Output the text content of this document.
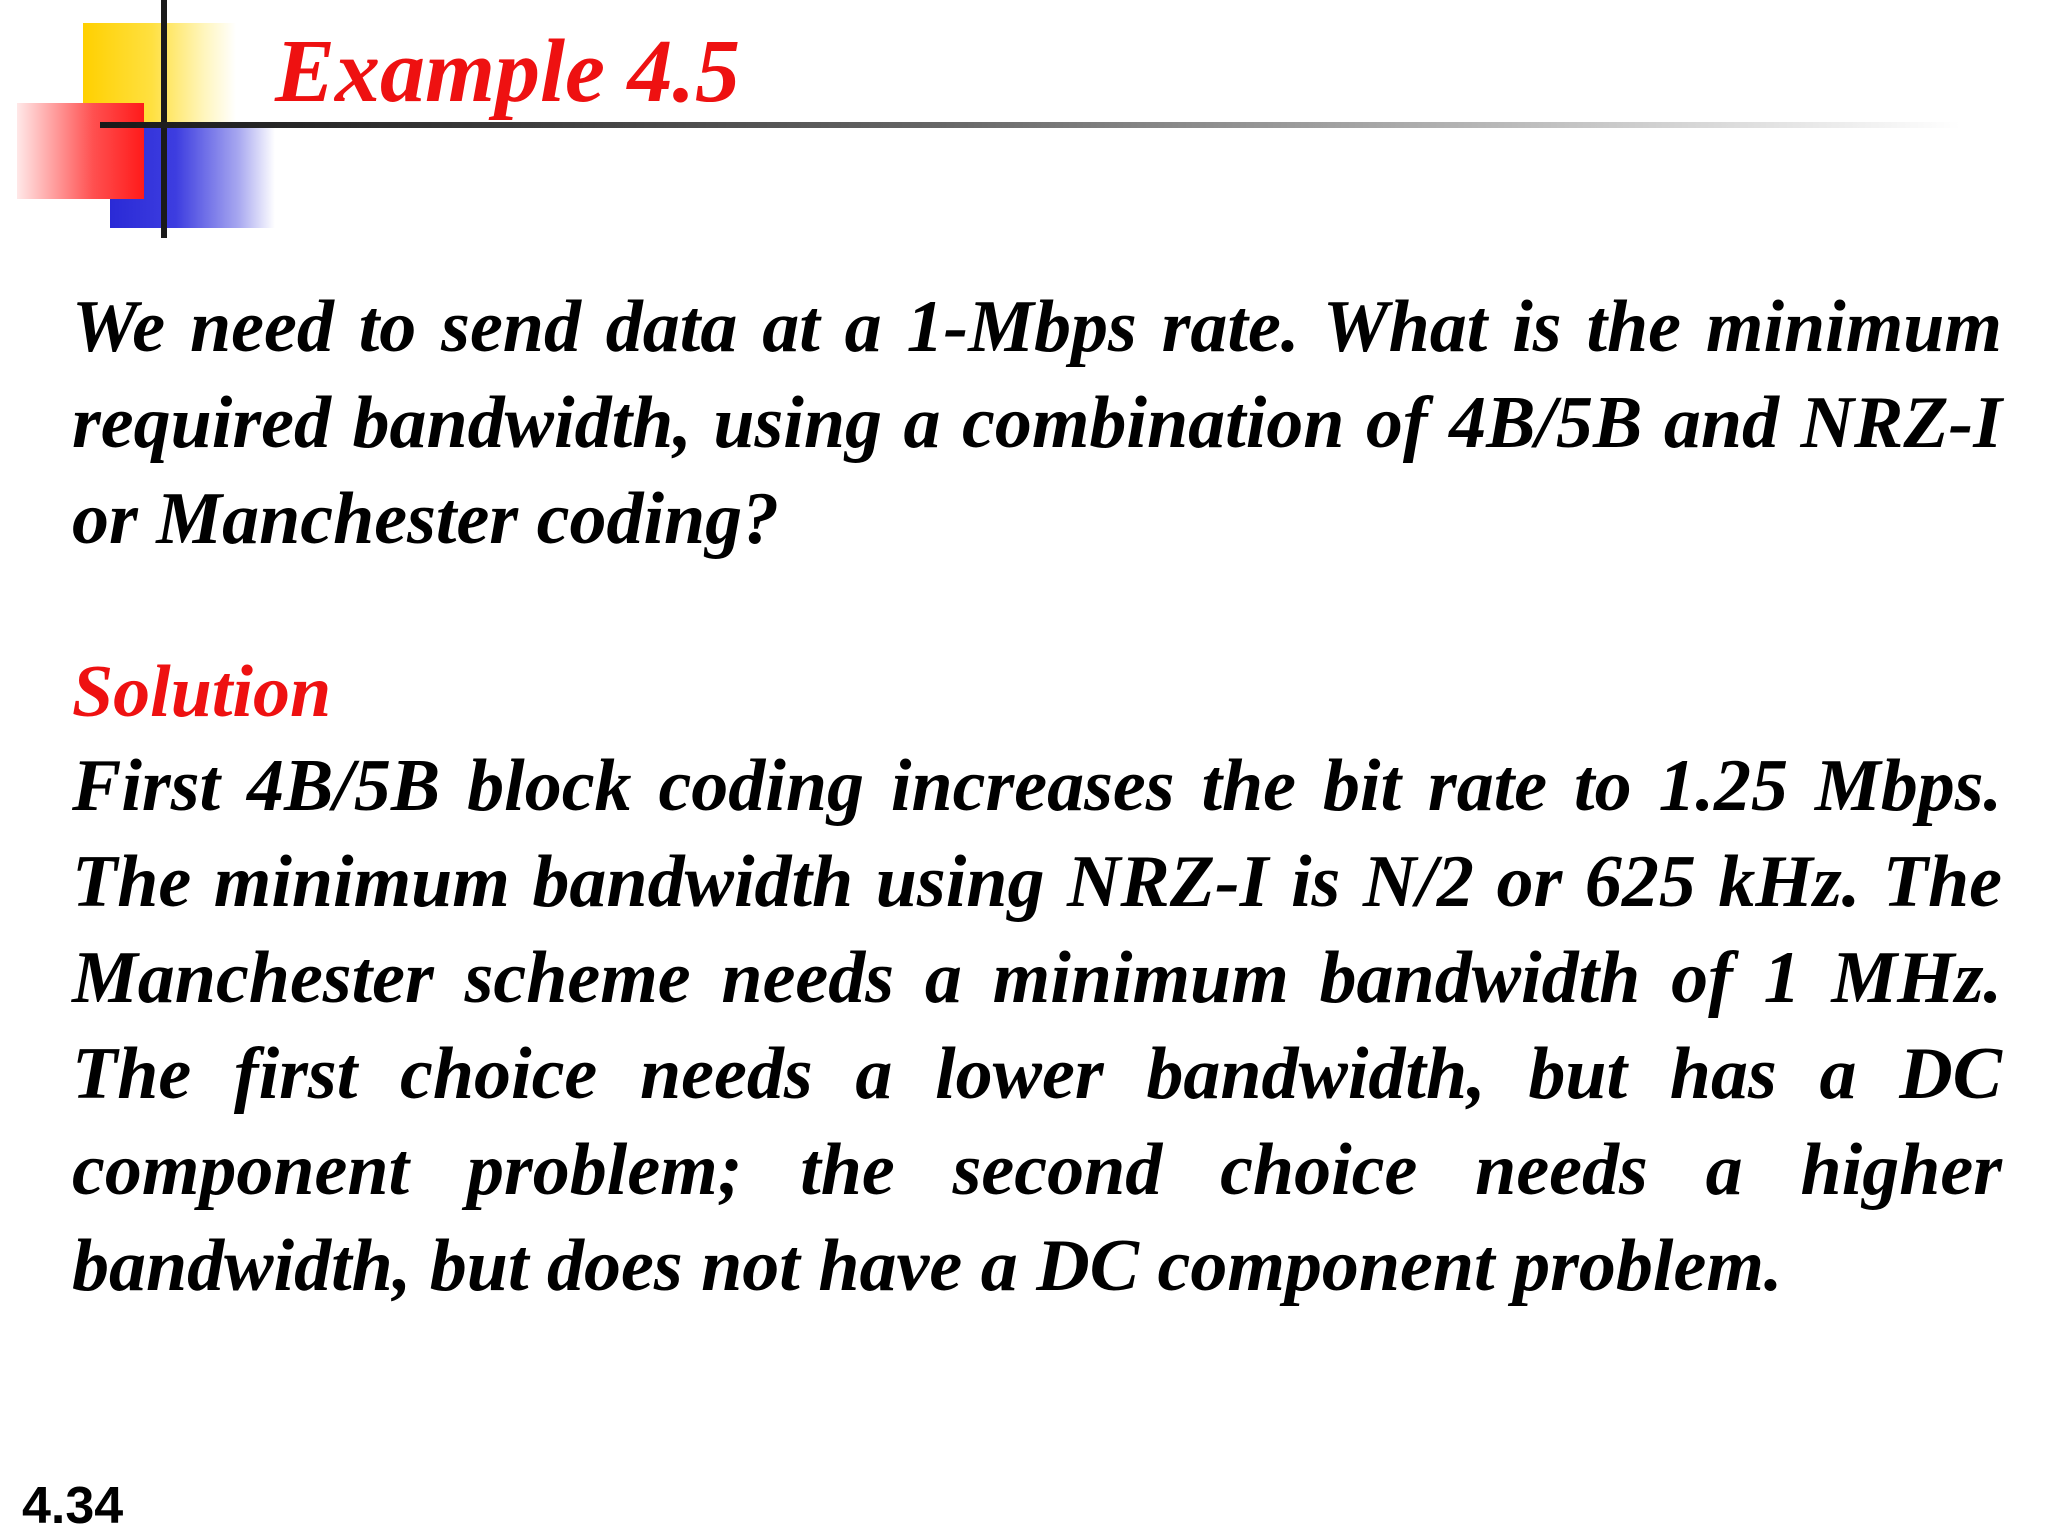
Example 4.5

We need to send data at a 1-Mbps rate. What is the minimum required bandwidth, using a combination of 4B/5B and NRZ-I or Manchester coding?

Solution

First 4B/5B block coding increases the bit rate to 1.25 Mbps. The minimum bandwidth using NRZ-I is N/2 or 625 kHz. The Manchester scheme needs a minimum bandwidth of 1 MHz. The first choice needs a lower bandwidth, but has a DC component problem; the second choice needs a higher bandwidth, but does not have a DC component problem.

4.34
